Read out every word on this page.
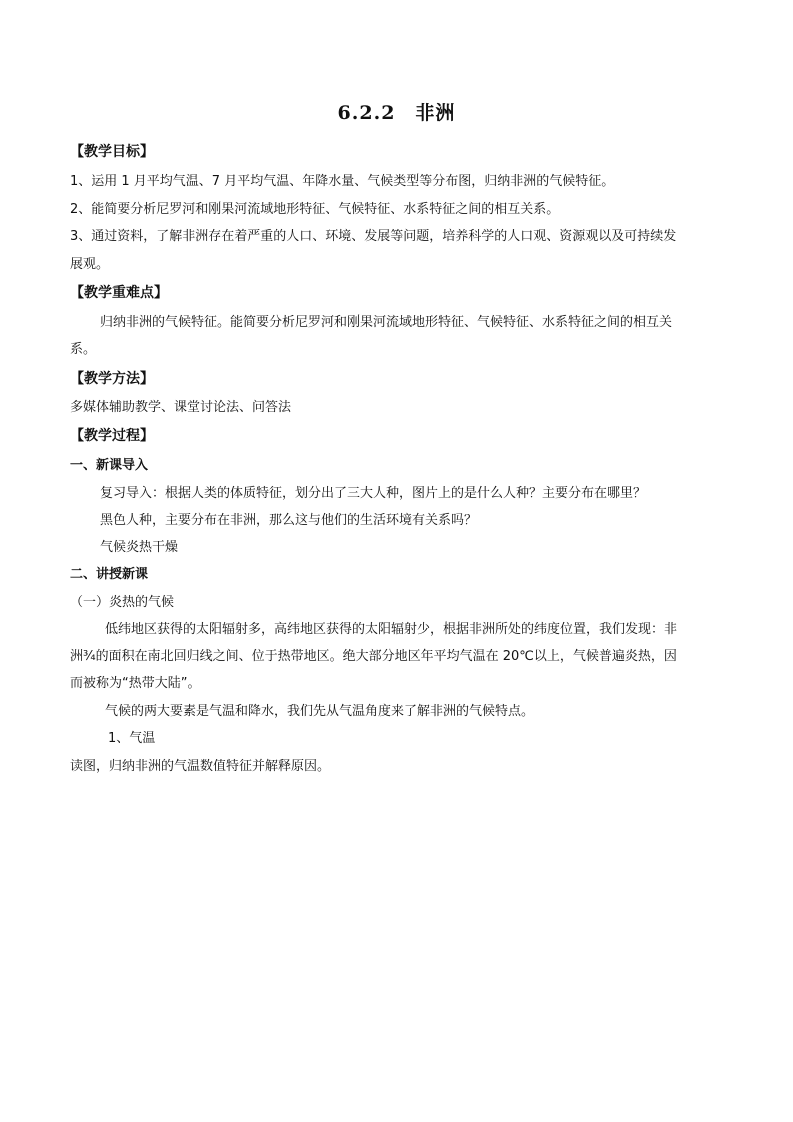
6.2.2　非洲
【教学目标】
1、运用 1 月平均气温、7 月平均气温、年降水量、气候类型等分布图，归纳非洲的气候特征。
2、能简要分析尼罗河和刚果河流域地形特征、气候特征、水系特征之间的相互关系。
3、通过资料，了解非洲存在着严重的人口、环境、发展等问题，培养科学的人口观、资源观以及可持续发
展观。
【教学重难点】
归纳非洲的气候特征。能简要分析尼罗河和刚果河流域地形特征、气候特征、水系特征之间的相互关
系。
【教学方法】
多媒体辅助教学、课堂讨论法、问答法
【教学过程】
一、新课导入
复习导入：根据人类的体质特征，划分出了三大人种，图片上的是什么人种？主要分布在哪里？
黑色人种，主要分布在非洲，那么这与他们的生活环境有关系吗？
气候炎热干燥
二、讲授新课
（一）炎热的气候
低纬地区获得的太阳辐射多，高纬地区获得的太阳辐射少，根据非洲所处的纬度位置，我们发现：非
洲¾的面积在南北回归线之间、位于热带地区。绝大部分地区年平均气温在 20℃以上，气候普遍炎热，因
而被称为“热带大陆”。
气候的两大要素是气温和降水，我们先从气温角度来了解非洲的气候特点。
1、气温
读图，归纳非洲的气温数值特征并解释原因。
